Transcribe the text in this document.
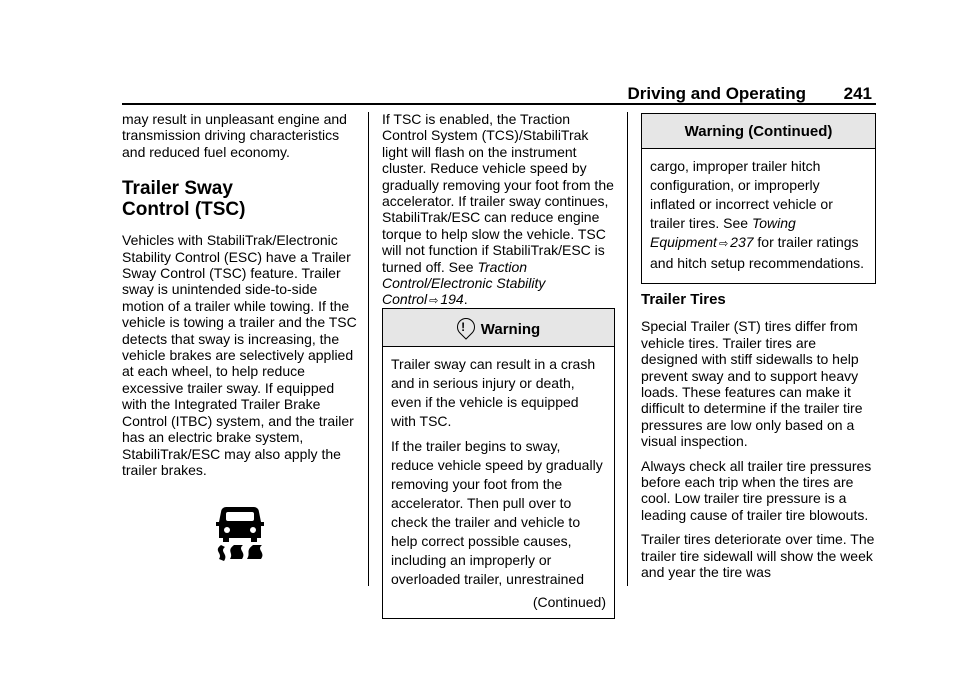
Driving and Operating 241

may result in unpleasant engine and transmission driving characteristics and reduced fuel economy.

Trailer Sway
Control (TSC)

Vehicles with StabiliTrak/Electronic Stability Control (ESC) have a Trailer Sway Control (TSC) feature. Trailer sway is unintended side-to-side motion of a trailer while towing. If the vehicle is towing a trailer and the TSC detects that sway is increasing, the vehicle brakes are selectively applied at each wheel, to help reduce excessive trailer sway. If equipped with the Integrated Trailer Brake Control (ITBC) system, and the trailer has an electric brake system, StabiliTrak/ESC may also apply the trailer brakes.

If TSC is enabled, the Traction Control System (TCS)/StabiliTrak light will flash on the instrument cluster. Reduce vehicle speed by gradually removing your foot from the accelerator. If trailer sway continues, StabiliTrak/ESC can reduce engine torque to help slow the vehicle. TSC will not function if StabiliTrak/ESC is turned off. See Traction Control/Electronic Stability Control ⇨ 194.

! Warning

Trailer sway can result in a crash and in serious injury or death, even if the vehicle is equipped with TSC.

If the trailer begins to sway, reduce vehicle speed by gradually removing your foot from the accelerator. Then pull over to check the trailer and vehicle to help correct possible causes, including an improperly or overloaded trailer, unrestrained

(Continued)
Warning (Continued)

cargo, improper trailer hitch configuration, or improperly inflated or incorrect vehicle or trailer tires. See Towing Equipment ⇨ 237 for trailer ratings and hitch setup recommendations.

Trailer Tires

Special Trailer (ST) tires differ from vehicle tires. Trailer tires are designed with stiff sidewalls to help prevent sway and to support heavy loads. These features can make it difficult to determine if the trailer tire pressures are low only based on a visual inspection.

Always check all trailer tire pressures before each trip when the tires are cool. Low trailer tire pressure is a leading cause of trailer tire blowouts.

Trailer tires deteriorate over time. The trailer tire sidewall will show the week and year the tire was
